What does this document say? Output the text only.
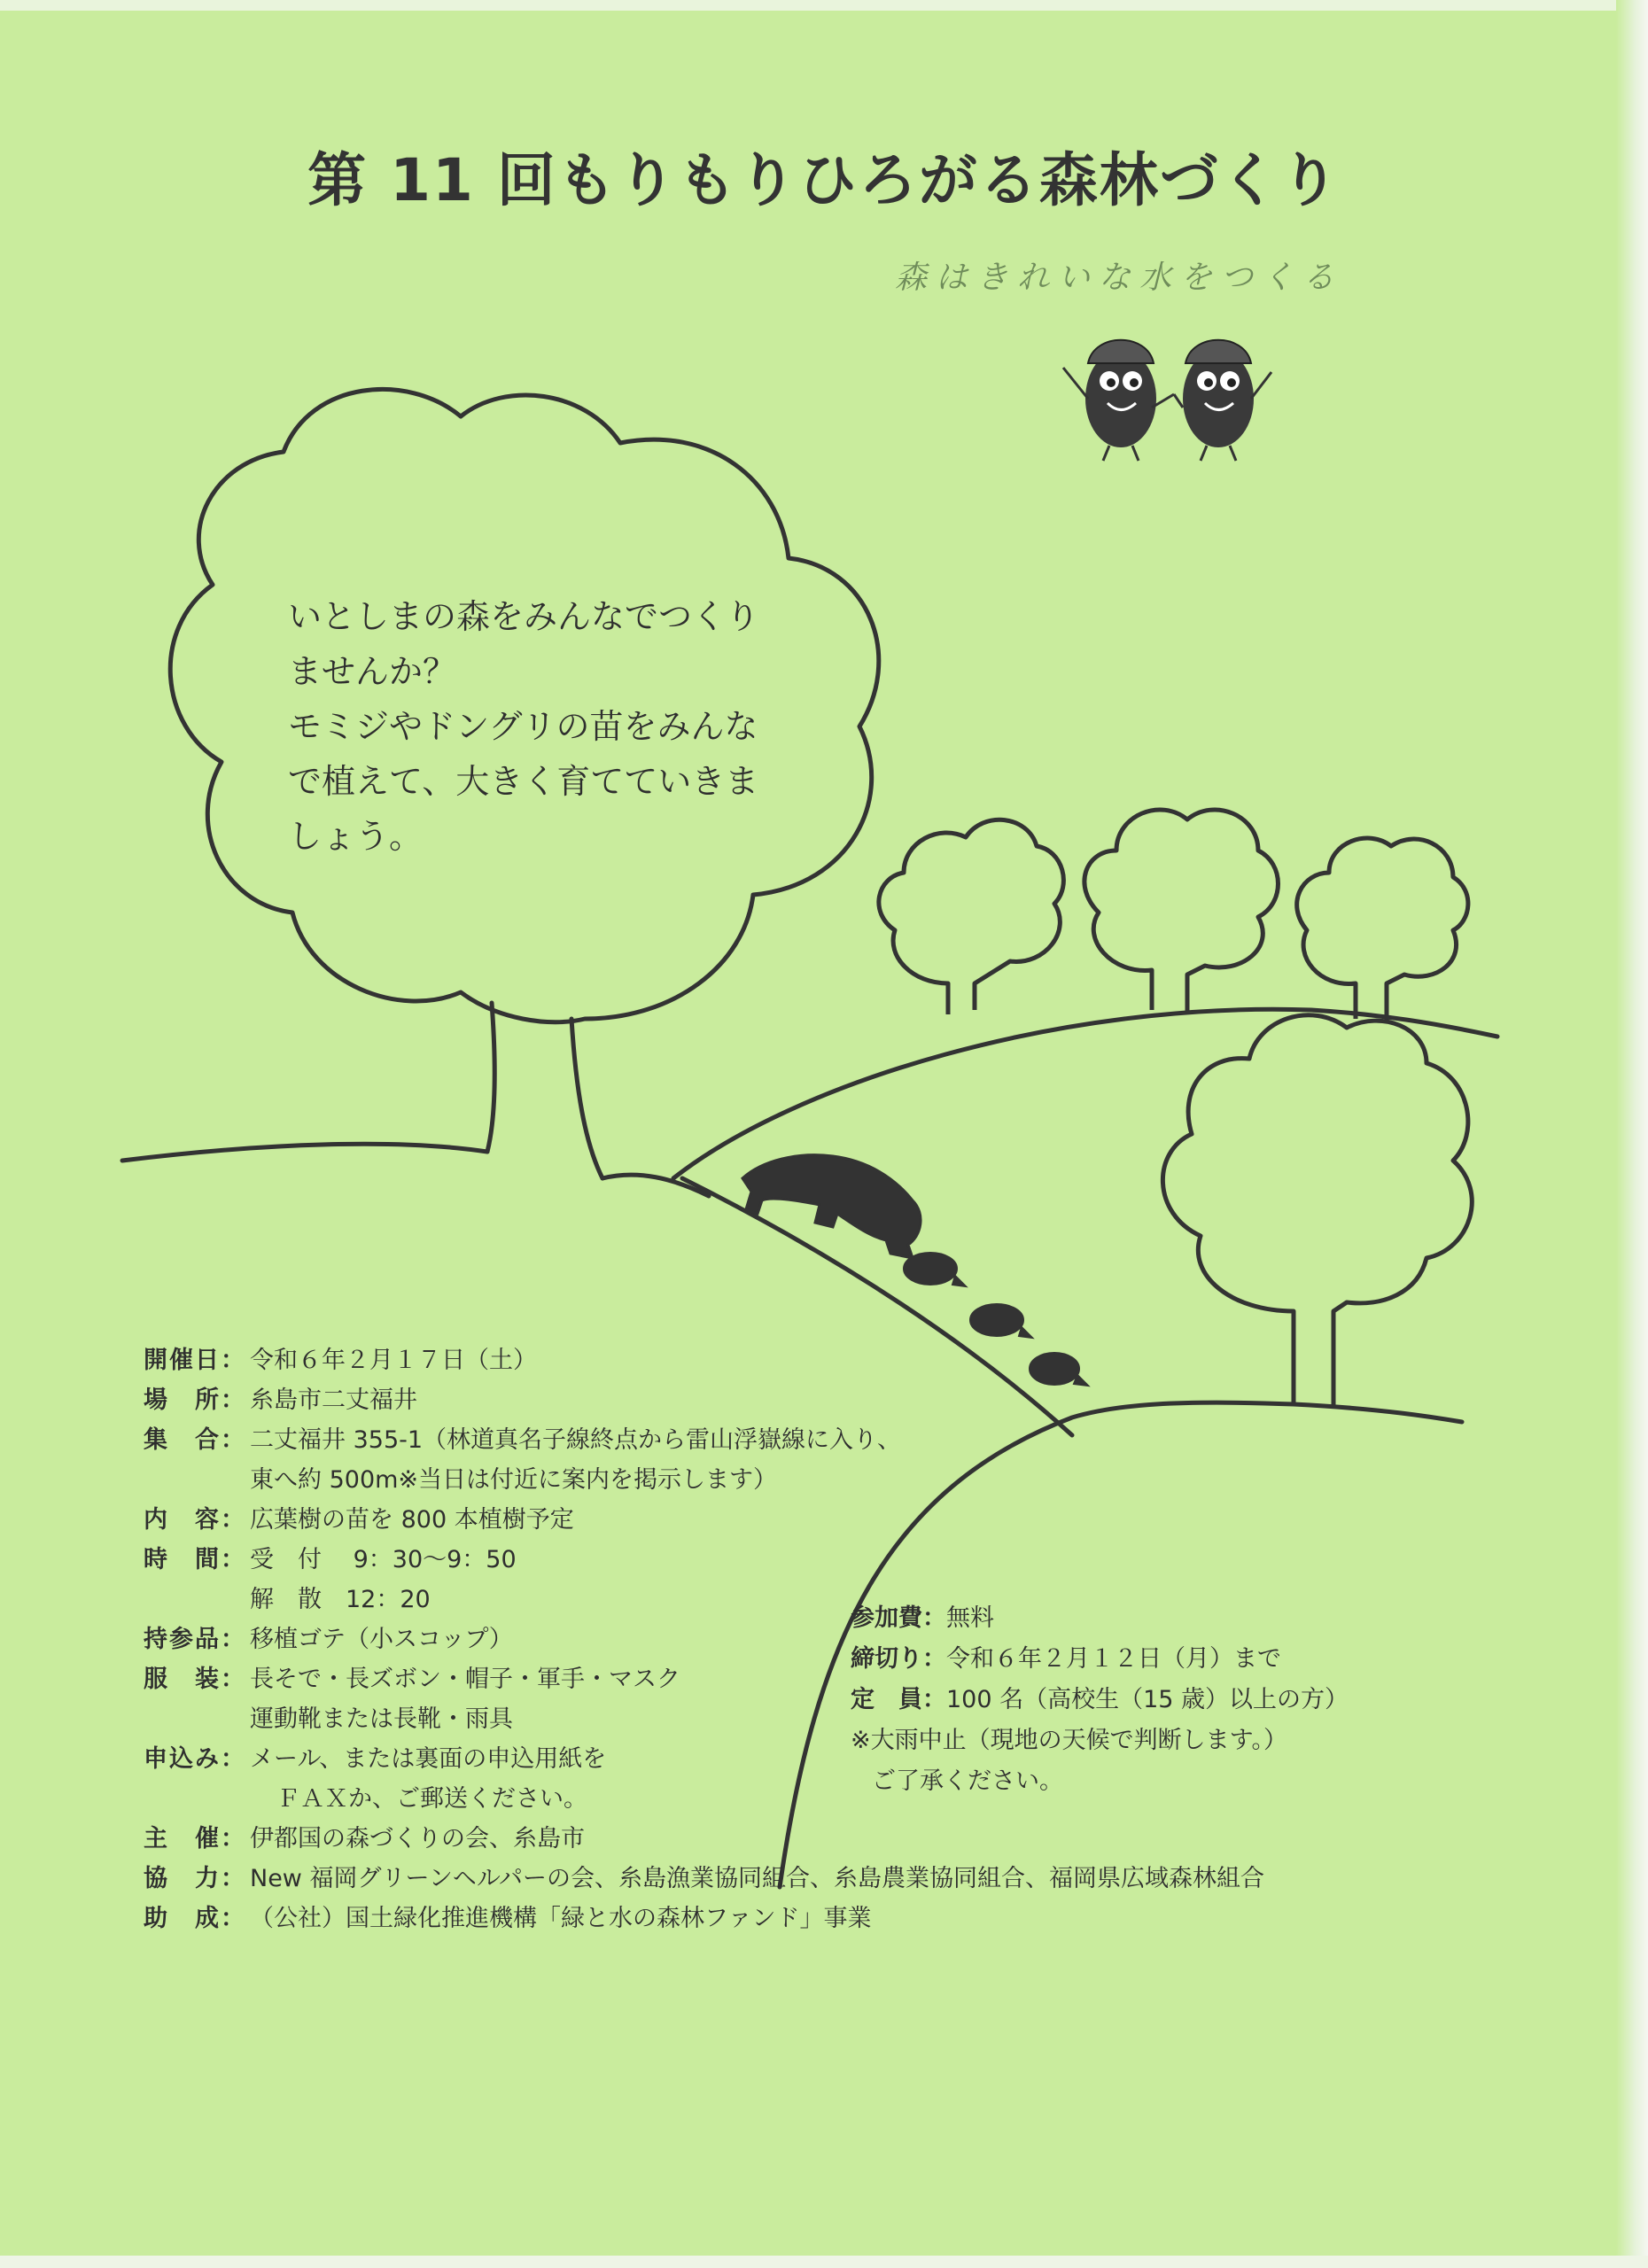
第 11 回もりもりひろがる森林づくり
森はきれいな水をつくる
いとしまの森をみんなでつくり
ませんか？
モミジやドングリの苗をみんな
で植えて、大きく育てていきま
しょう。
開催日： 令和６年２月１７日（土）
場　所： 糸島市二丈福井
集　合： 二丈福井 355-1（林道真名子線終点から雷山浮嶽線に入り、
東へ約 500m※当日は付近に案内を掲示します）
内　容： 広葉樹の苗を 800 本植樹予定
時　間： 受　付　 9：30〜9：50
解　散　12：20
持参品： 移植ゴテ（小スコップ）
服　装： 長そで・長ズボン・帽子・軍手・マスク
運動靴または長靴・雨具
申込み： メール、または裏面の申込用紙を
ＦＡＸか、ご郵送ください。
主　催： 伊都国の森づくりの会、糸島市
協　力： New 福岡グリーンヘルパーの会、糸島漁業協同組合、糸島農業協同組合、福岡県広域森林組合
助　成： （公社）国土緑化推進機構「緑と水の森林ファンド」事業
参加費： 無料
締切り： 令和６年２月１２日（月）まで
定　員： 100 名（高校生（15 歳）以上の方）
※大雨中止（現地の天候で判断します。）
ご了承ください。
